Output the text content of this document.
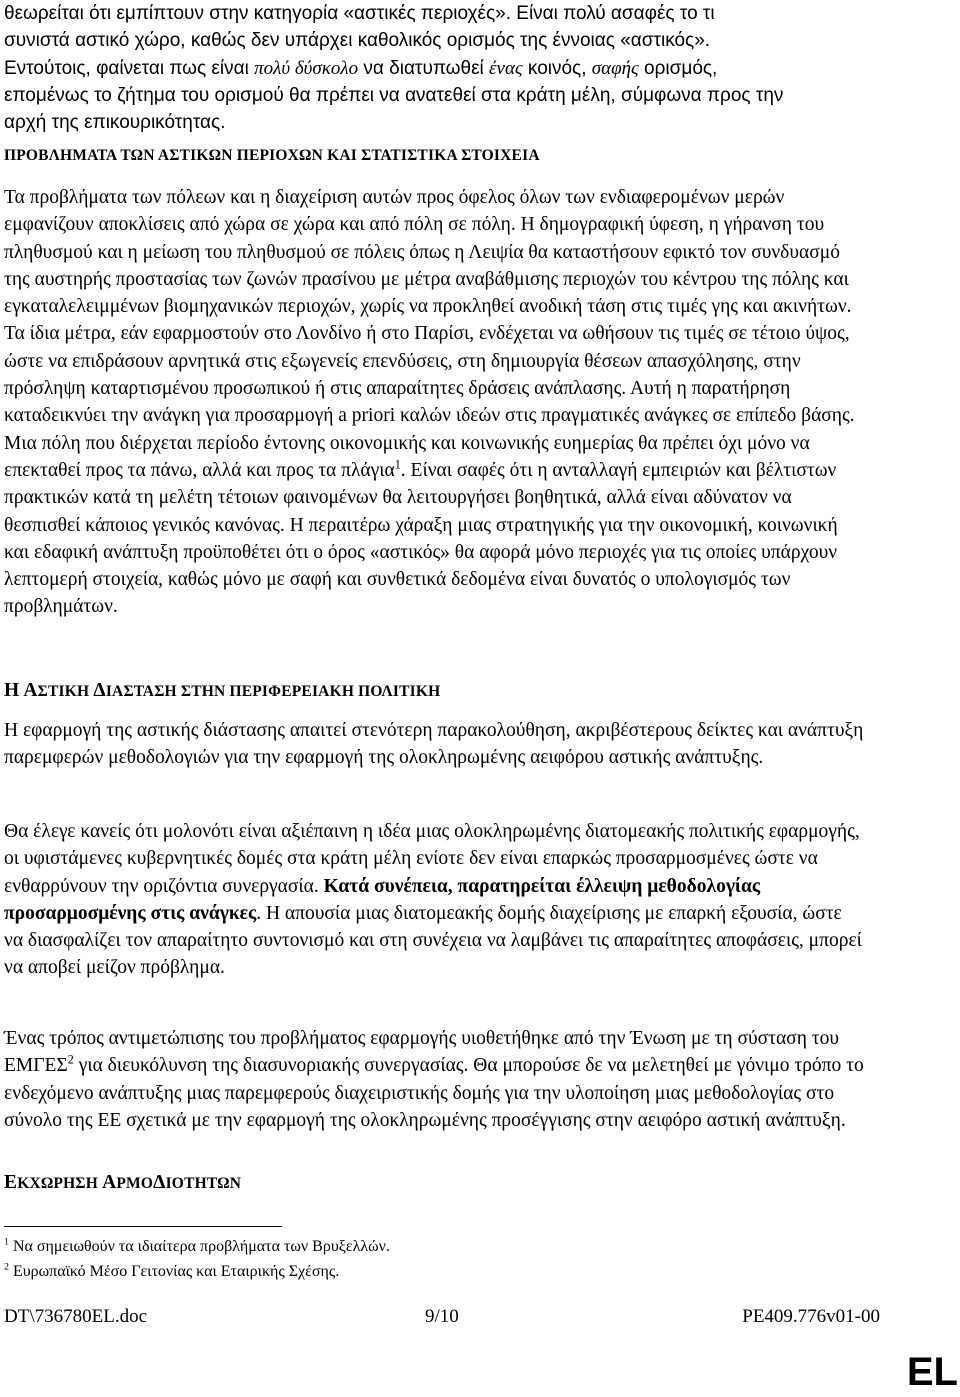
θεωρείται ότι εμπίπτουν στην κατηγορία «αστικές περιοχές». Είναι πολύ ασαφές το τι
συνιστά αστικό χώρο, καθώς δεν υπάρχει καθολικός ορισμός της έννοιας «αστικός».
Εντούτοις, φαίνεται πως είναι πολύ δύσκολο να διατυπωθεί ένας κοινός, σαφής ορισμός,
επομένως το ζήτημα του ορισμού θα πρέπει να ανατεθεί στα κράτη μέλη, σύμφωνα προς την
αρχή της επικουρικότητας.
ΠΡΟΒΛΗΜΑΤΑ ΤΩΝ ΑΣΤΙΚΩΝ ΠΕΡΙΟΧΩΝ ΚΑΙ ΣΤΑΤΙΣΤΙΚΑ ΣΤΟΙΧΕΙΑ

Τα προβλήματα των πόλεων και η διαχείριση αυτών προς όφελος όλων των ενδιαφερομένων μερών εμφανίζουν αποκλίσεις από χώρα σε χώρα και από πόλη σε πόλη. Η δημογραφική ύφεση, η γήρανση του πληθυσμού και η μείωση του πληθυσμού σε πόλεις όπως η Λειψία θα καταστήσουν εφικτό τον συνδυασμό της αυστηρής προστασίας των ζωνών πρασίνου με μέτρα αναβάθμισης περιοχών του κέντρου της πόλης και εγκαταλελειμμένων βιομηχανικών περιοχών, χωρίς να προκληθεί ανοδική τάση στις τιμές γης και ακινήτων. Τα ίδια μέτρα, εάν εφαρμοστούν στο Λονδίνο ή στο Παρίσι, ενδέχεται να ωθήσουν τις τιμές σε τέτοιο ύψος, ώστε να επιδράσουν αρνητικά στις εξωγενείς επενδύσεις, στη δημιουργία θέσεων απασχόλησης, στην πρόσληψη καταρτισμένου προσωπικού ή στις απαραίτητες δράσεις ανάπλασης. Αυτή η παρατήρηση καταδεικνύει την ανάγκη για προσαρμογή a priori καλών ιδεών στις πραγματικές ανάγκες σε επίπεδο βάσης. Μια πόλη που διέρχεται περίοδο έντονης οικονομικής και κοινωνικής ευημερίας θα πρέπει όχι μόνο να επεκταθεί προς τα πάνω, αλλά και προς τα πλάγια$^1$. Είναι σαφές ότι η ανταλλαγή εμπειριών και βέλτιστων πρακτικών κατά τη μελέτη τέτοιων φαινομένων θα λειτουργήσει βοηθητικά, αλλά είναι αδύνατον να θεσπισθεί κάποιος γενικός κανόνας. Η περαιτέρω χάραξη μιας στρατηγικής για την οικονομική, κοινωνική και εδαφική ανάπτυξη προϋποθέτει ότι ο όρος «αστικός» θα αφορά μόνο περιοχές για τις οποίες υπάρχουν λεπτομερή στοιχεία, καθώς μόνο με σαφή και συνθετικά δεδομένα είναι δυνατός ο υπολογισμός των προβλημάτων.

Η ΑΣΤΙΚΗ ΔΙΑΣΤΑΣΗ ΣΤΗΝ ΠΕΡΙΦΕΡΕΙΑΚΗ ΠΟΛΙΤΙΚΗ

Η εφαρμογή της αστικής διάστασης απαιτεί στενότερη παρακολούθηση, ακριβέστερους δείκτες και ανάπτυξη παρεμφερών μεθοδολογιών για την εφαρμογή της ολοκληρωμένης αειφόρου αστικής ανάπτυξης.

Θα έλεγε κανείς ότι μολονότι είναι αξιέπαινη η ιδέα μιας ολοκληρωμένης διατομεακής πολιτικής εφαρμογής, οι υφιστάμενες κυβερνητικές δομές στα κράτη μέλη ενίοτε δεν είναι επαρκώς προσαρμοσμένες ώστε να ενθαρρύνουν την οριζόντια συνεργασία. Κατά συνέπεια, παρατηρείται έλλειψη μεθοδολογίας προσαρμοσμένης στις ανάγκες. Η απουσία μιας διατομεακής δομής διαχείρισης με επαρκή εξουσία, ώστε να διασφαλίζει τον απαραίτητο συντονισμό και στη συνέχεια να λαμβάνει τις απαραίτητες αποφάσεις, μπορεί να αποβεί μείζον πρόβλημα.

Ένας τρόπος αντιμετώπισης του προβλήματος εφαρμογής υιοθετήθηκε από την Ένωση με τη σύσταση του ΕΜΓΕΣ$^2$ για διευκόλυνση της διασυνοριακής συνεργασίας. Θα μπορούσε δε να μελετηθεί με γόνιμο τρόπο το ενδεχόμενο ανάπτυξης μιας παρεμφερούς διαχειριστικής δομής για την υλοποίηση μιας μεθοδολογίας στο σύνολο της ΕΕ σχετικά με την εφαρμογή της ολοκληρωμένης προσέγγισης στην αειφόρο αστική ανάπτυξη.

ΕΚΧΩΡΗΣΗ ΑΡΜΟΔΙΟΤΗΤΩΝ

$^1$ Να σημειωθούν τα ιδιαίτερα προβλήματα των Βρυξελλών.

$^2$ Ευρωπαϊκό Μέσο Γειτονίας και Εταιρικής Σχέσης.

DT\736780EL.doc	9/10	PE409.776v01-00
EL
